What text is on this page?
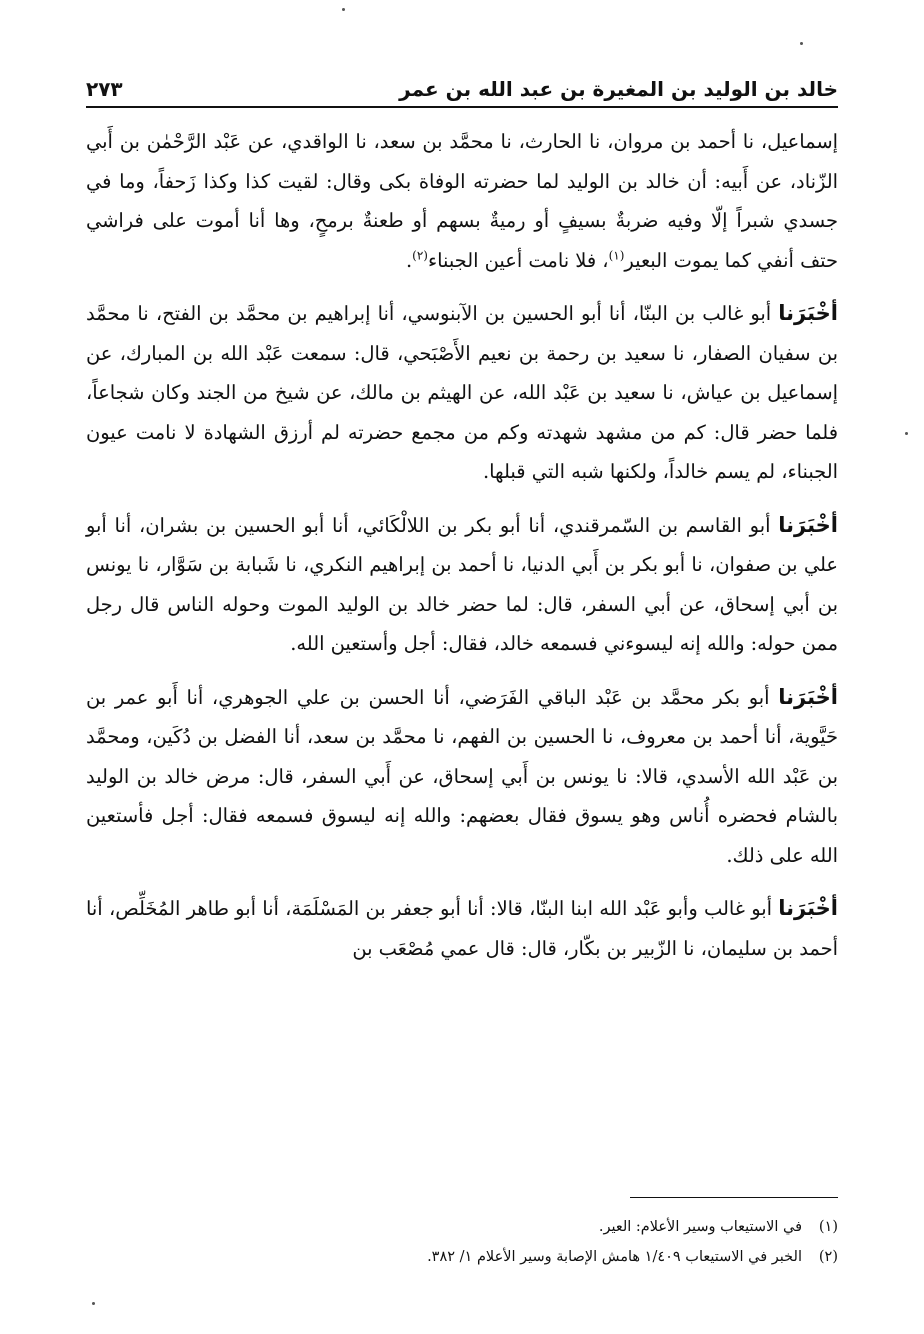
خالد بن الوليد بن المغيرة بن عبد الله بن عمر
٢٧٣

إسماعيل، نا أحمد بن مروان، نا الحارث، نا محمَّد بن سعد، نا الواقدي، عن عَبْد الرَّحْمٰن بن أَبي الزّناد، عن أَبيه: أن خالد بن الوليد لما حضرته الوفاة بكى وقال: لقيت كذا وكذا زَحفاً، وما في جسدي شبراً إلّا وفيه ضربةٌ بسيفٍ أو رميةٌ بسهم أو طعنةٌ برمحٍ، وها أنا أموت على فراشي حتف أنفي كما يموت البعير$^{(١)}$، فلا نامت أعين الجبناء$^{(٢)}$.

أخْبَرَنا أبو غالب بن البنّا، أنا أبو الحسين بن الآبنوسي، أنا إبراهيم بن محمَّد بن الفتح، نا محمَّد بن سفيان الصفار، نا سعيد بن رحمة بن نعيم الأَصْبَحي، قال: سمعت عَبْد الله بن المبارك، عن إسماعيل بن عياش، نا سعيد بن عَبْد الله، عن الهيثم بن مالك، عن شيخ من الجند وكان شجاعاً، فلما حضر قال: كم من مشهد شهدته وكم من مجمع حضرته لم أرزق الشهادة لا نامت عيون الجبناء، لم يسم خالداً، ولكنها شبه التي قبلها.

أخْبَرَنا أبو القاسم بن السّمرقندي، أنا أبو بكر بن اللالْكَائي، أنا أبو الحسين بن بشران، أنا أبو علي بن صفوان، نا أبو بكر بن أَبي الدنيا، نا أحمد بن إبراهيم النكري، نا شَبابة بن سَوَّار، نا يونس بن أبي إسحاق، عن أبي السفر، قال: لما حضر خالد بن الوليد الموت وحوله الناس قال رجل ممن حوله: والله إنه ليسوءني فسمعه خالد، فقال: أجل وأستعين الله.

أخْبَرَنا أبو بكر محمَّد بن عَبْد الباقي الفَرَضي، أنا الحسن بن علي الجوهري، أنا أَبو عمر بن حَيَّوية، أنا أحمد بن معروف، نا الحسين بن الفهم، نا محمَّد بن سعد، أنا الفضل بن دُكَين، ومحمَّد بن عَبْد الله الأسدي، قالا: نا يونس بن أَبي إسحاق، عن أَبي السفر، قال: مرض خالد بن الوليد بالشام فحضره أُناس وهو يسوق فقال بعضهم: والله إنه ليسوق فسمعه فقال: أجل فأستعين الله على ذلك.

أخْبَرَنا أبو غالب وأبو عَبْد الله ابنا البنّا، قالا: أنا أبو جعفر بن المَسْلَمَة، أنا أبو طاهر المُخَلِّص، أنا أحمد بن سليمان، نا الزّبير بن بكّار، قال: قال عمي مُصْعَب بن

(١)في الاستيعاب وسير الأعلام: العير.

(٢)الخبر في الاستيعاب ١/٤٠٩ هامش الإصابة وسير الأعلام ١/ ٣٨٢.
